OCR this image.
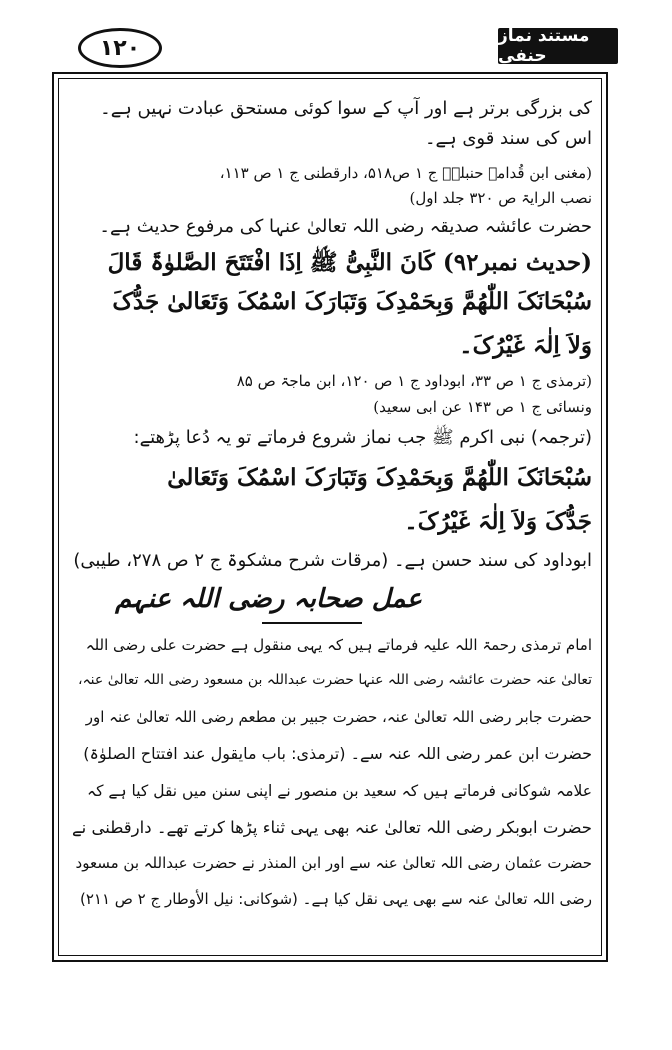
۱۲۰	مستند نماز حنفی
کی بزرگی برتر ہے اور آپ کے سوا کوئی مستحق عبادت نہیں ہے۔
اس کی سند قوی ہے۔
(مغنی ابن قُدامۃ حنبلیؒ ج ۱ ص۵۱۸، دارقطنی ج ۱ ص ۱۱۳،
نصب الرایۃ ص ۳۲۰ جلد اول)
حضرت عائشہ صدیقہ رضی اللہ تعالیٰ عنہا کی مرفوع حدیث ہے۔
(حدیث نمبر۹۲) کَانَ النَّبِیُّ ﷺ اِذَا افْتَتَحَ الصَّلوٰۃَ قَالَ
سُبْحَانَکَ اللّٰھُمَّ وَبِحَمْدِکَ وَتَبَارَکَ اسْمُکَ وَتَعَالیٰ جَدُّکَ
وَلاَ اِلٰہَ غَیْرُکَ۔
(ترمذی ج ۱ ص ۳۳، ابوداود ج ۱ ص ۱۲۰، ابن ماجۃ ص ۸۵
ونسائی ج ۱ ص ۱۴۳ عن ابی سعید)
(ترجمہ) نبی اکرم ﷺ جب نماز شروع فرماتے تو یہ دُعا پڑھتے:
سُبْحَانَکَ اللّٰھُمَّ وَبِحَمْدِکَ وَتَبَارَکَ اسْمُکَ وَتَعَالیٰ
جَدُّکَ وَلاَ اِلٰہَ غَیْرُکَ۔
ابوداود کی سند حسن ہے۔ (مرقات شرح مشکوۃ ج ۲ ص ۲۷۸، طیبی)
عمل صحابہ رضی اللہ عنہم
امام ترمذی رحمۃ اللہ علیہ فرماتے ہیں کہ یہی منقول ہے حضرت علی رضی اللہ
تعالیٰ عنہ حضرت عائشہ رضی اللہ عنہا حضرت عبداللہ بن مسعود رضی اللہ تعالیٰ عنہ،
حضرت جابر رضی اللہ تعالیٰ عنہ، حضرت جبیر بن مطعم رضی اللہ تعالیٰ عنہ اور
حضرت ابن عمر رضی اللہ عنہ سے۔ (ترمذی: باب مایقول عند افتتاح الصلوٰۃ)
علامہ شوکانی فرماتے ہیں کہ سعید بن منصور نے اپنی سنن میں نقل کیا ہے کہ
حضرت ابوبکر رضی اللہ تعالیٰ عنہ بھی یہی ثناء پڑھا کرتے تھے۔ دارقطنی نے
حضرت عثمان رضی اللہ تعالیٰ عنہ سے اور ابن المنذر نے حضرت عبداللہ بن مسعود
رضی اللہ تعالیٰ عنہ سے بھی یہی نقل کیا ہے۔ (شوکانی: نیل الأوطار ج ۲ ص ۲۱۱)
